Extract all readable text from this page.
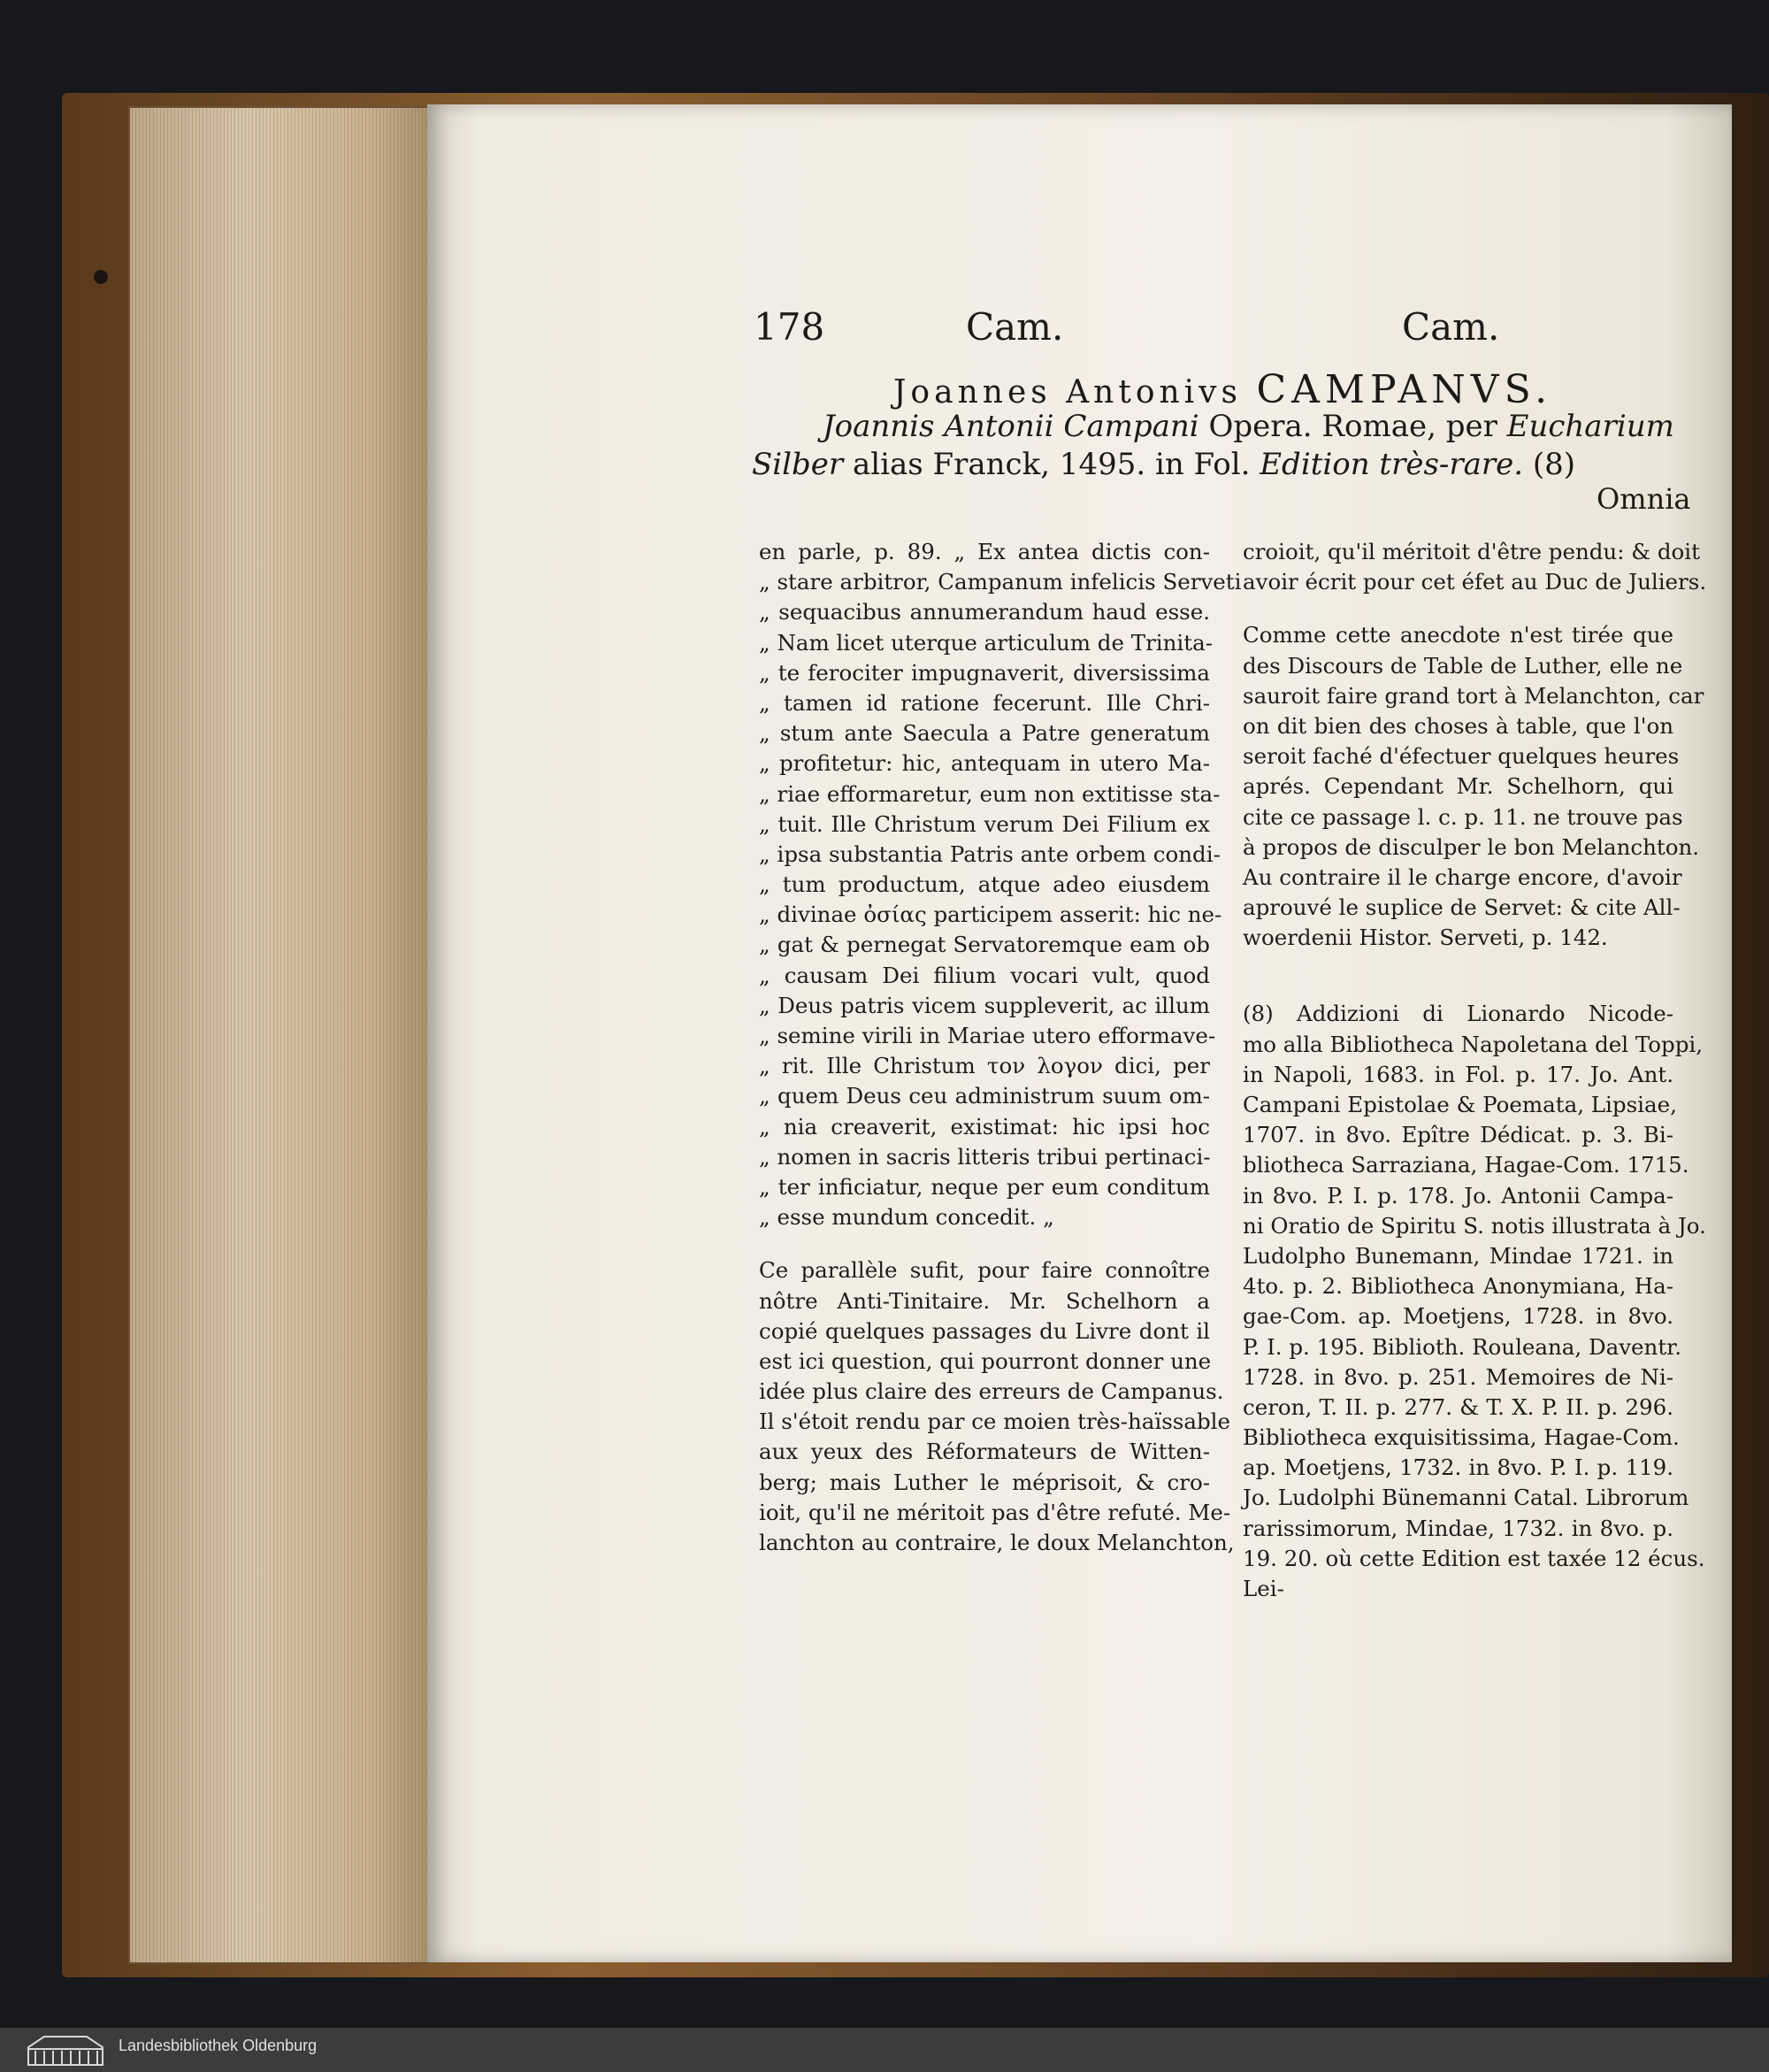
178	Cam.	Cam.
Joannes Antonivs CAMPANVS.
Joannis Antonii Campani Opera. Romae, per Eucharium
Silber alias Franck, 1495. in Fol. Edition très-rare. (8)
Omnia
en parle, p. 89. „ Ex antea dictis con-
„ stare arbitror, Campanum infelicis Serveti
„ sequacibus annumerandum haud esse.
„ Nam licet uterque articulum de Trinita-
„ te ferociter impugnaverit, diversissima
„ tamen id ratione fecerunt. Ille Chri-
„ stum ante Saecula a Patre generatum
„ profitetur: hic, antequam in utero Ma-
„ riae efformaretur, eum non extitisse sta-
„ tuit. Ille Christum verum Dei Filium ex
„ ipsa substantia Patris ante orbem condi-
„ tum productum, atque adeo eiusdem
„ divinae ὀσίας participem asserit: hic ne-
„ gat & pernegat Servatoremque eam ob
„ causam Dei filium vocari vult, quod
„ Deus patris vicem suppleverit, ac illum
„ semine virili in Mariae utero efformave-
„ rit. Ille Christum τον λογον dici, per
„ quem Deus ceu administrum suum om-
„ nia creaverit, existimat: hic ipsi hoc
„ nomen in sacris litteris tribui pertinaci-
„ ter inficiatur, neque per eum conditum
„ esse mundum concedit. „
Ce parallèle sufit, pour faire connoître
nôtre Anti-Tinitaire. Mr. Schelhorn a
copié quelques passages du Livre dont il
est ici question, qui pourront donner une
idée plus claire des erreurs de Campanus.
Il s'étoit rendu par ce moien très-haïssable
aux yeux des Réformateurs de Witten-
berg; mais Luther le méprisoit, & cro-
ioit, qu'il ne méritoit pas d'être refuté. Me-
lanchton au contraire, le doux Melanchton,
croioit, qu'il méritoit d'être pendu: & doit
avoir écrit pour cet éfet au Duc de Juliers.
Comme cette anecdote n'est tirée que
des Discours de Table de Luther, elle ne
sauroit faire grand tort à Melanchton, car
on dit bien des choses à table, que l'on
seroit faché d'éfectuer quelques heures
aprés. Cependant Mr. Schelhorn, qui
cite ce passage l. c. p. 11. ne trouve pas
à propos de disculper le bon Melanchton.
Au contraire il le charge encore, d'avoir
aprouvé le suplice de Servet: & cite All-
woerdenii Histor. Serveti, p. 142.
(8) Addizioni di Lionardo Nicode-
mo alla Bibliotheca Napoletana del Toppi,
in Napoli, 1683. in Fol. p. 17. Jo. Ant.
Campani Epistolae & Poemata, Lipsiae,
1707. in 8vo. Epître Dédicat. p. 3. Bi-
bliotheca Sarraziana, Hagae-Com. 1715.
in 8vo. P. I. p. 178. Jo. Antonii Campa-
ni Oratio de Spiritu S. notis illustrata à Jo.
Ludolpho Bunemann, Mindae 1721. in
4to. p. 2. Bibliotheca Anonymiana, Ha-
gae-Com. ap. Moetjens, 1728. in 8vo.
P. I. p. 195. Biblioth. Rouleana, Daventr.
1728. in 8vo. p. 251. Memoires de Ni-
ceron, T. II. p. 277. & T. X. P. II. p. 296.
Bibliotheca exquisitissima, Hagae-Com.
ap. Moetjens, 1732. in 8vo. P. I. p. 119.
Jo. Ludolphi Bünemanni Catal. Librorum
rarissimorum, Mindae, 1732. in 8vo. p.
19. 20. où cette Edition est taxée 12 écus.
Lei-
Landesbibliothek Oldenburg
